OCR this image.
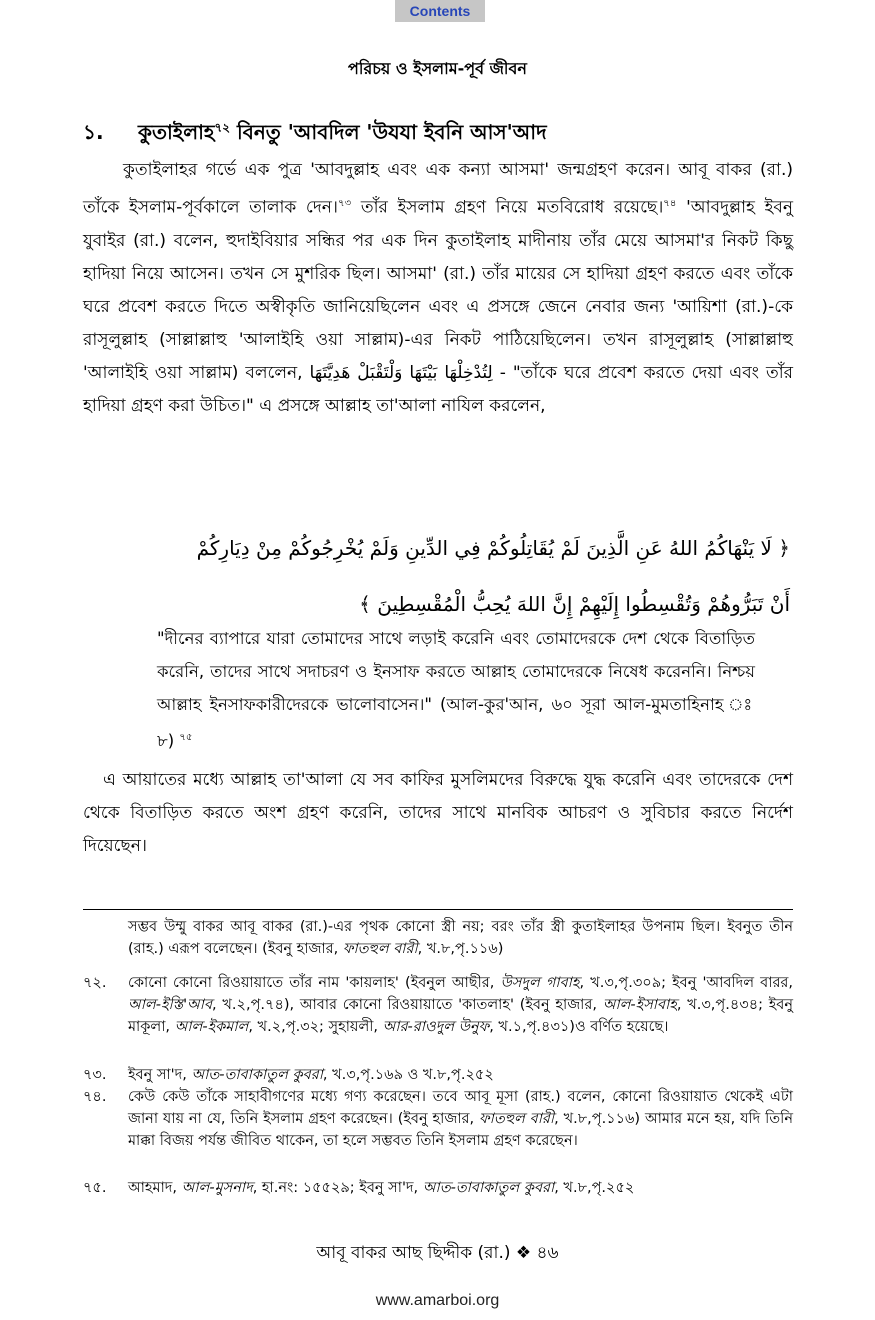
Contents
পরিচয় ও ইসলাম-পূর্ব জীবন
১. কুতাইলাহ$^{৭২}$ বিনতু 'আবদিল 'উযযা ইবনি আস'আদ

কুতাইলাহর গর্ভে এক পুত্র 'আবদুল্লাহ এবং এক কন্যা আসমা' জন্মগ্রহণ করেন। আবূ বাকর (রা.) তাঁকে ইসলাম-পূর্বকালে তালাক দেন।$^{৭৩}$ তাঁর ইসলাম গ্রহণ নিয়ে মতবিরোধ রয়েছে।$^{৭৪}$ 'আবদুল্লাহ ইবনু যুবাইর (রা.) বলেন, হুদাইবিয়ার সন্ধির পর এক দিন কুতাইলাহ মাদীনায় তাঁর মেয়ে আসমা'র নিকট কিছু হাদিয়া নিয়ে আসেন। তখন সে মুশরিক ছিল। আসমা' (রা.) তাঁর মায়ের সে হাদিয়া গ্রহণ করতে এবং তাঁকে ঘরে প্রবেশ করতে দিতে অস্বীকৃতি জানিয়েছিলেন এবং এ প্রসঙ্গে জেনে নেবার জন্য 'আয়িশা (রা.)-কে রাসূলুল্লাহ (সাল্লাল্লাহু 'আলাইহি ওয়া সাল্লাম)-এর নিকট পাঠিয়েছিলেন। তখন রাসূলুল্লাহ (সাল্লাল্লাহু 'আলাইহি ওয়া সাল্লাম) বললেন, لِتُدْخِلْهَا بَيْتَهَا وَلْتَقْبَلْ هَدِيَّتَهَا - "তাঁকে ঘরে প্রবেশ করতে দেয়া এবং তাঁর হাদিয়া গ্রহণ করা উচিত।" এ প্রসঙ্গে আল্লাহ তা'আলা নাযিল করলেন,

﴿ لَا يَنْهَاكُمُ اللهُ عَنِ الَّذِينَ لَمْ يُقَاتِلُوكُمْ فِي الدِّينِ وَلَمْ يُخْرِجُوكُمْ مِنْ دِيَارِكُمْ
أَنْ تَبَرُّوهُمْ وَتُقْسِطُوا إِلَيْهِمْ إِنَّ اللهَ يُحِبُّ الْمُقْسِطِينَ ﴾

"দীনের ব্যাপারে যারা তোমাদের সাথে লড়াই করেনি এবং তোমাদেরকে দেশ থেকে বিতাড়িত করেনি, তাদের সাথে সদাচরণ ও ইনসাফ করতে আল্লাহ তোমাদেরকে নিষেধ করেননি। নিশ্চয় আল্লাহ ইনসাফকারীদেরকে ভালোবাসেন।" (আল-কুর'আন, ৬০ সূরা আল-মুমতাহিনাহ ঃ ৮) $^{৭৫}$

এ আয়াতের মধ্যে আল্লাহ তা'আলা যে সব কাফির মুসলিমদের বিরুদ্ধে যুদ্ধ করেনি এবং তাদেরকে দেশ থেকে বিতাড়িত করতে অংশ গ্রহণ করেনি, তাদের সাথে মানবিক আচরণ ও সুবিচার করতে নির্দেশ দিয়েছেন।

সম্ভব উম্মু বাকর আবূ বাকর (রা.)-এর পৃথক কোনো স্ত্রী নয়; বরং তাঁর স্ত্রী কুতাইলাহর উপনাম ছিল। ইবনুত তীন (রাহ.) এরূপ বলেছেন। (ইবনু হাজার, ফাতহুল বারী, খ.৮,পৃ.১১৬)

৭২. কোনো কোনো রিওয়ায়াতে তাঁর নাম 'কায়লাহ' (ইবনুল আছীর, উসদুল গাবাহ, খ.৩,পৃ.৩০৯; ইবনু 'আবদিল বারর, আল-ইস্তি'আব, খ.২,পৃ.৭৪), আবার কোনো রিওয়ায়াতে 'কাতলাহ' (ইবনু হাজার, আল-ইসাবাহ, খ.৩,পৃ.৪৩৪; ইবনু মাকূলা, আল-ইকমাল, খ.২,পৃ.৩২; সুহায়লী, আর-রাওদুল উনুফ, খ.১,পৃ.৪৩১)ও বর্ণিত হয়েছে।
৭৩. ইবনু সা'দ, আত-তাবাকাতুল কুবরা, খ.৩,পৃ.১৬৯ ও খ.৮,পৃ.২৫২
৭৪. কেউ কেউ তাঁকে সাহাবীগণের মধ্যে গণ্য করেছেন। তবে আবূ মূসা (রাহ.) বলেন, কোনো রিওয়ায়াত থেকেই এটা জানা যায় না যে, তিনি ইসলাম গ্রহণ করেছেন। (ইবনু হাজার, ফাতহুল বারী, খ.৮,পৃ.১১৬) আমার মনে হয়, যদি তিনি মাক্কা বিজয় পর্যন্ত জীবিত থাকেন, তা হলে সম্ভবত তিনি ইসলাম গ্রহণ করেছেন।
৭৫. আহমাদ, আল-মুসনাদ, হা.নং: ১৫৫২৯; ইবনু সা'দ, আত-তাবাকাতুল কুবরা, খ.৮,পৃ.২৫২
আবূ বাকর আছ ছিদ্দীক (রা.) ❖ ৪৬
www.amarboi.org
